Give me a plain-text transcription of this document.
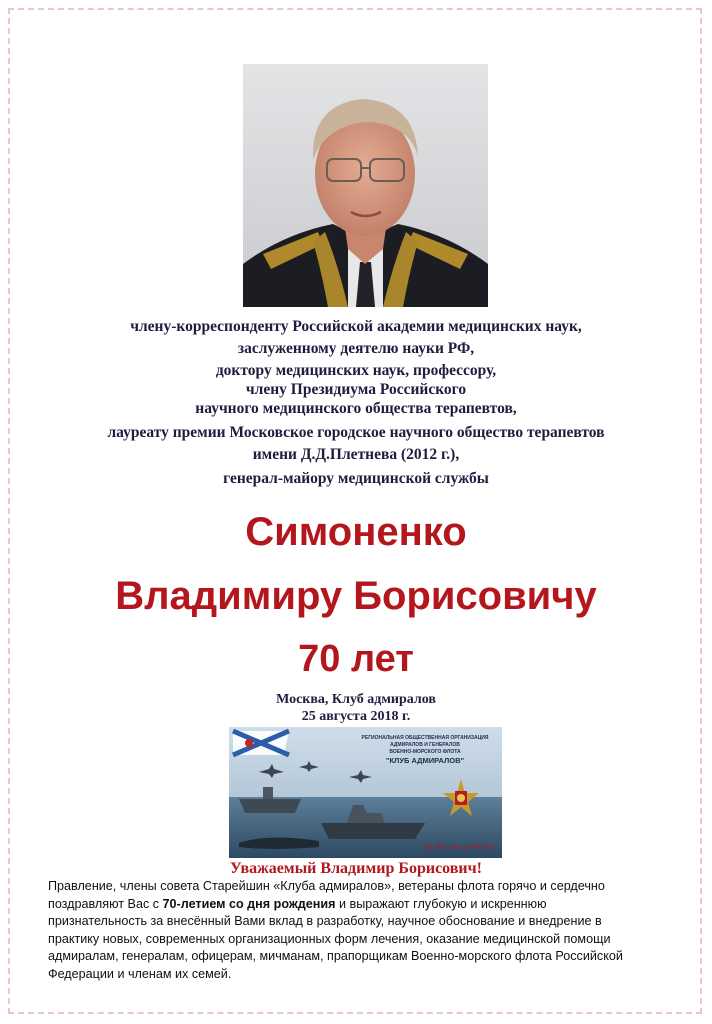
члену-корреспонденту Российской академии медицинских наук,
заслуженному деятелю науки РФ,
доктору медицинских наук, профессору,
члену Президиума Российского
научного медицинского общества терапевтов,
лауреату премии Московское городское научного общество терапевтов
имени Д.Д.Плетнева (2012 г.),
генерал-майору медицинской службы
Симоненко
Владимиру Борисовичу
70 лет
Москва, Клуб адмиралов
25 августа 2018 г.
РЕГИОНАЛЬНАЯ ОБЩЕСТВЕННАЯ ОРГАНИЗАЦИЯ
АДМИРАЛОВ И ГЕНЕРАЛОВ
ВОЕННО-МОРСКОГО ФЛОТА
"КЛУБ АДМИРАЛОВ"
За Россию и Флот!
Уважаемый Владимир Борисович!
Правление, члены совета Старейшин «Клуба адмиралов», ветераны флота горячо и сердечно
поздравляют Вас с 70-летием со дня рождения и выражают глубокую и искреннюю
признательность за внесённый Вами вклад в разработку, научное обоснование и внедрение в
практику новых, современных организационных форм лечения, оказание медицинской помощи
адмиралам, генералам, офицерам, мичманам, прапорщикам Военно-морского флота Российской
Федерации и членам их семей.
